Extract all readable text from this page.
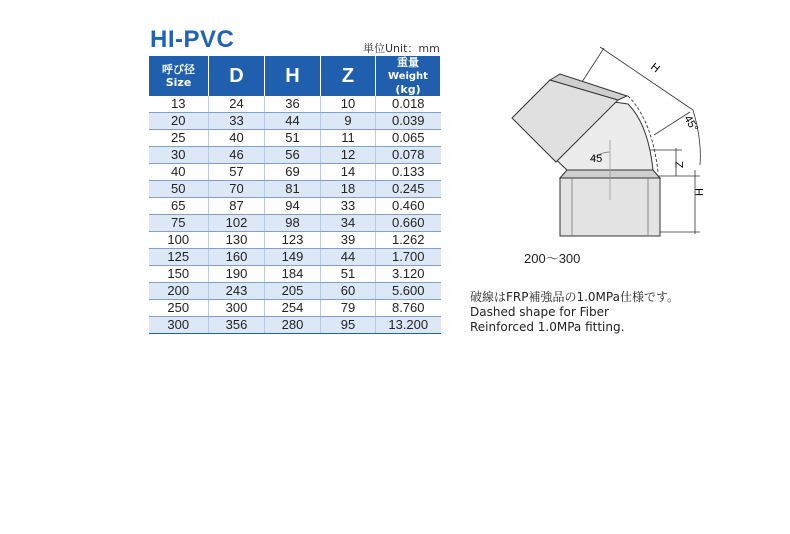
HI-PVC	単位Unit：mm
呼び径
Size	D	H	Z	重量 Weight
(kg)

13	24	36	10	0.018
20	33	44	9	0.039
25	40	51	11	0.065
30	46	56	12	0.078
40	57	69	14	0.133
50	70	81	18	0.245
65	87	94	33	0.460
75	102	98	34	0.660
100	130	123	39	1.262
125	160	149	44	1.700
150	190	184	51	3.120
200	243	205	60	5.600
250	300	254	79	8.760
300	356	280	95	13.200
H
45°
45	Z
H
200～300
破線はFRP補強品の1.0MPa仕様です。
Dashed shape for Fiber
Reinforced 1.0MPa fitting.
